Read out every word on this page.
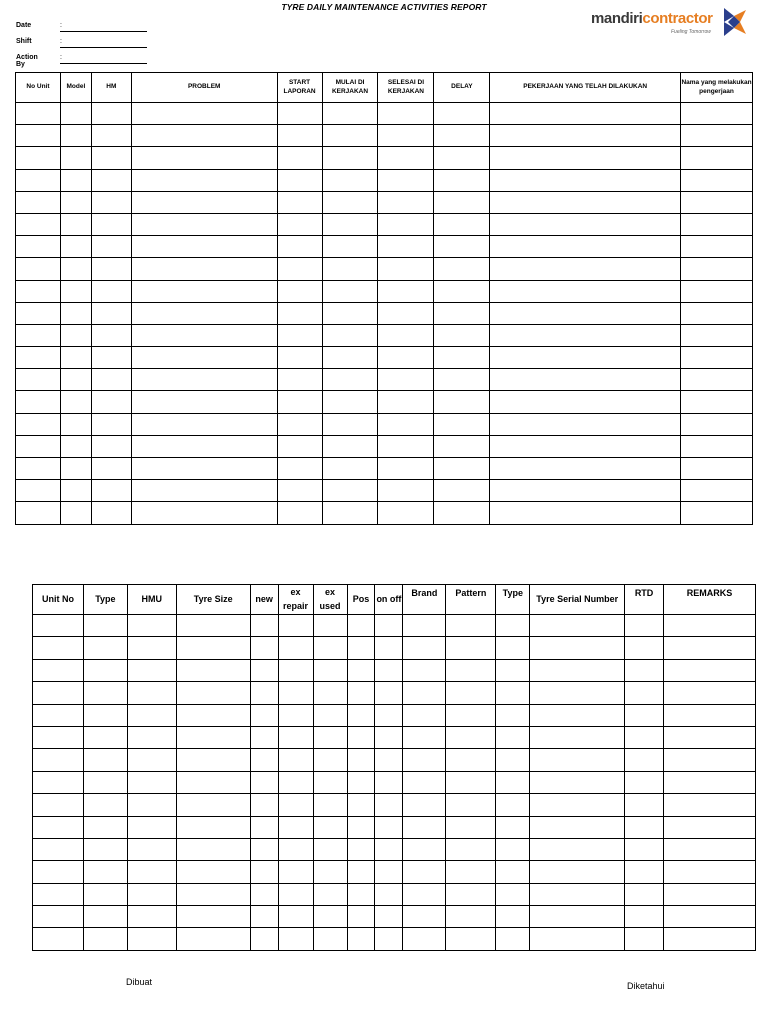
TYRE DAILY MAINTENANCE ACTIVITIES REPORT
Date	:
Shift	:
Action By
:
mandiricontractor
Fueling Tomorrow
No Unit	Model	HM	PROBLEM	START LAPORAN	MULAI DI KERJAKAN	SELESAI DI KERJAKAN	DELAY	PEKERJAAN YANG TELAH DILAKUKAN	Nama yang melakukan pengerjaan

Unit No	Type	HMU	Tyre Size	new	ex repair	ex used	Pos	on off	Brand	Pattern	Type	Tyre Serial Number	RTD	REMARKS

Dibuat	Diketahui
